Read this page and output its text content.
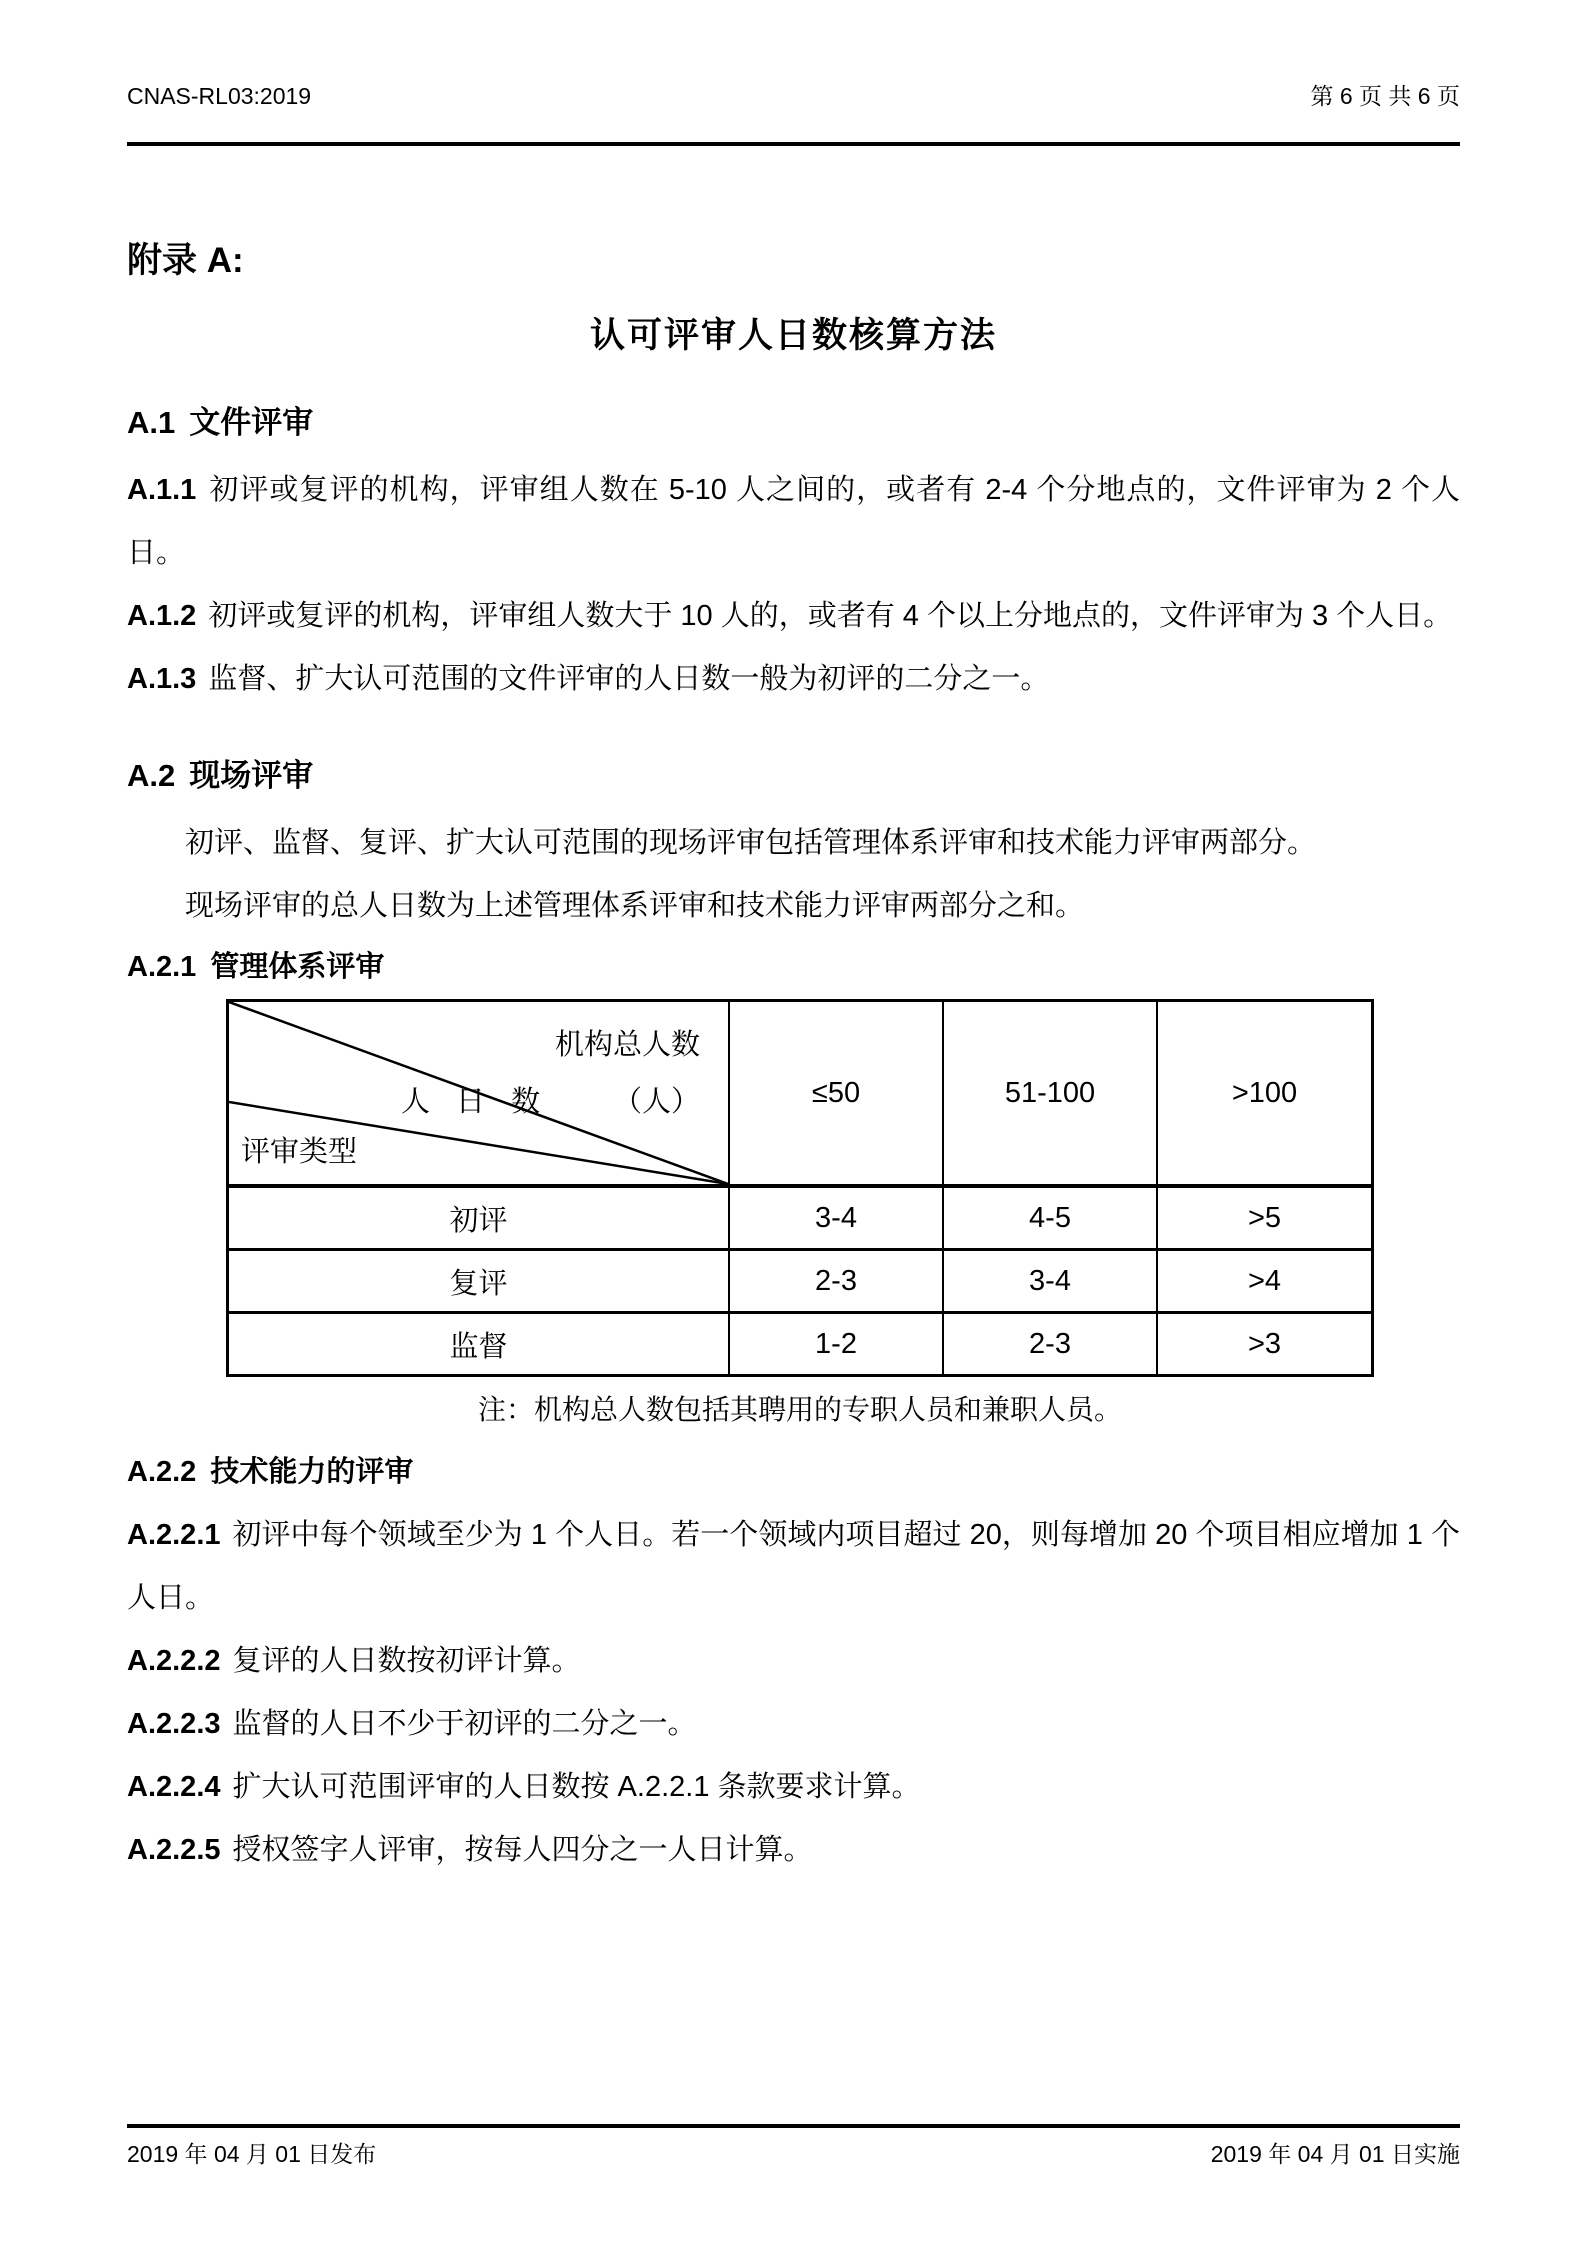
CNAS-RL03:2019	第 6 页 共 6 页
附录 A:
认可评审人日数核算方法
A.1 文件评审

A.1.1 初评或复评的机构，评审组人数在 5-10 人之间的，或者有 2-4 个分地点的，文件评审为 2 个人日。

A.1.2 初评或复评的机构，评审组人数大于 10 人的，或者有 4 个以上分地点的，文件评审为 3 个人日。

A.1.3 监督、扩大认可范围的文件评审的人日数一般为初评的二分之一。

A.2 现场评审

初评、监督、复评、扩大认可范围的现场评审包括管理体系评审和技术能力评审两部分。

现场评审的总人日数为上述管理体系评审和技术能力评审两部分之和。

A.2.1 管理体系评审
机构总人数
人 日 数 （人）
评审类型
≤50	51-100	>100
初评	3-4	4-5	>5
复评	2-3	3-4	>4
监督	1-2	2-3	>3
注：机构总人数包括其聘用的专职人员和兼职人员。
A.2.2 技术能力的评审

A.2.2.1 初评中每个领域至少为 1 个人日。若一个领域内项目超过 20，则每增加 20 个项目相应增加 1 个人日。

A.2.2.2 复评的人日数按初评计算。

A.2.2.3 监督的人日不少于初评的二分之一。

A.2.2.4 扩大认可范围评审的人日数按 A.2.2.1 条款要求计算。

A.2.2.5 授权签字人评审，按每人四分之一人日计算。

2019 年 04 月 01 日发布	2019 年 04 月 01 日实施
